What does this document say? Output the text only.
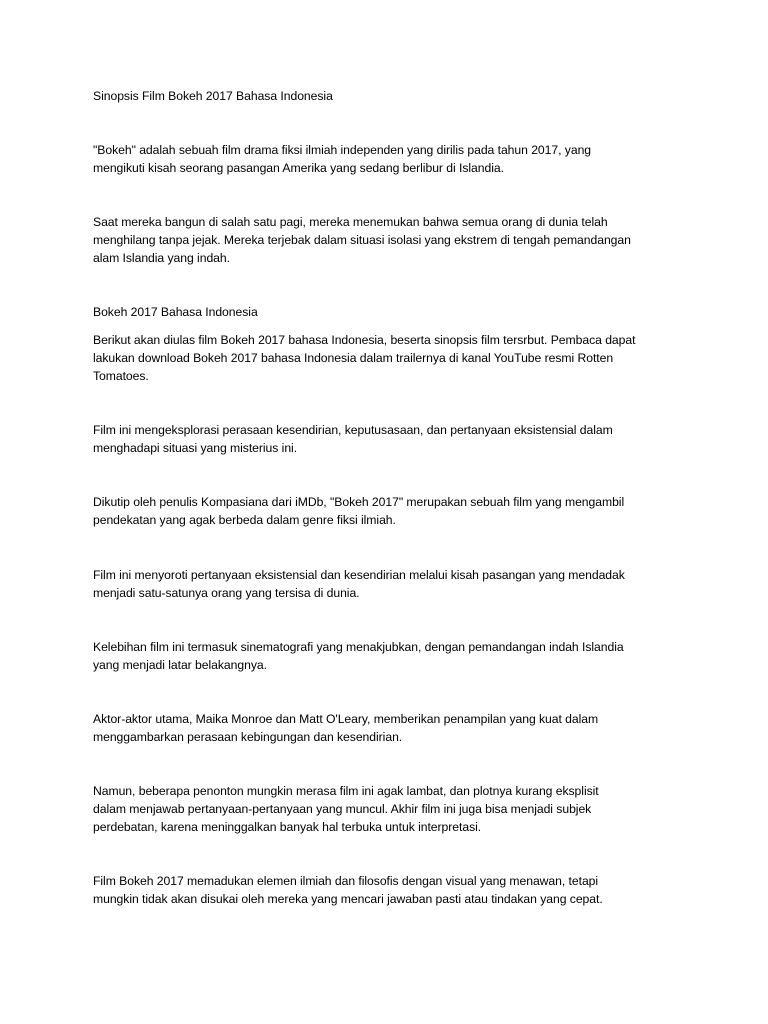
Sinopsis Film Bokeh 2017 Bahasa Indonesia
"Bokeh" adalah sebuah film drama fiksi ilmiah independen yang dirilis pada tahun 2017, yang
mengikuti kisah seorang pasangan Amerika yang sedang berlibur di Islandia.
Saat mereka bangun di salah satu pagi, mereka menemukan bahwa semua orang di dunia telah
menghilang tanpa jejak. Mereka terjebak dalam situasi isolasi yang ekstrem di tengah pemandangan
alam Islandia yang indah.
Bokeh 2017 Bahasa Indonesia
Berikut akan diulas film Bokeh 2017 bahasa Indonesia, beserta sinopsis film tersrbut. Pembaca dapat
lakukan download Bokeh 2017 bahasa Indonesia dalam trailernya di kanal YouTube resmi Rotten
Tomatoes.
Film ini mengeksplorasi perasaan kesendirian, keputusasaan, dan pertanyaan eksistensial dalam
menghadapi situasi yang misterius ini.
Dikutip oleh penulis Kompasiana dari iMDb, "Bokeh 2017" merupakan sebuah film yang mengambil
pendekatan yang agak berbeda dalam genre fiksi ilmiah.
Film ini menyoroti pertanyaan eksistensial dan kesendirian melalui kisah pasangan yang mendadak
menjadi satu-satunya orang yang tersisa di dunia.
Kelebihan film ini termasuk sinematografi yang menakjubkan, dengan pemandangan indah Islandia
yang menjadi latar belakangnya.
Aktor-aktor utama, Maika Monroe dan Matt O'Leary, memberikan penampilan yang kuat dalam
menggambarkan perasaan kebingungan dan kesendirian.
Namun, beberapa penonton mungkin merasa film ini agak lambat, dan plotnya kurang eksplisit
dalam menjawab pertanyaan-pertanyaan yang muncul. Akhir film ini juga bisa menjadi subjek
perdebatan, karena meninggalkan banyak hal terbuka untuk interpretasi.
Film Bokeh 2017 memadukan elemen ilmiah dan filosofis dengan visual yang menawan, tetapi
mungkin tidak akan disukai oleh mereka yang mencari jawaban pasti atau tindakan yang cepat.
